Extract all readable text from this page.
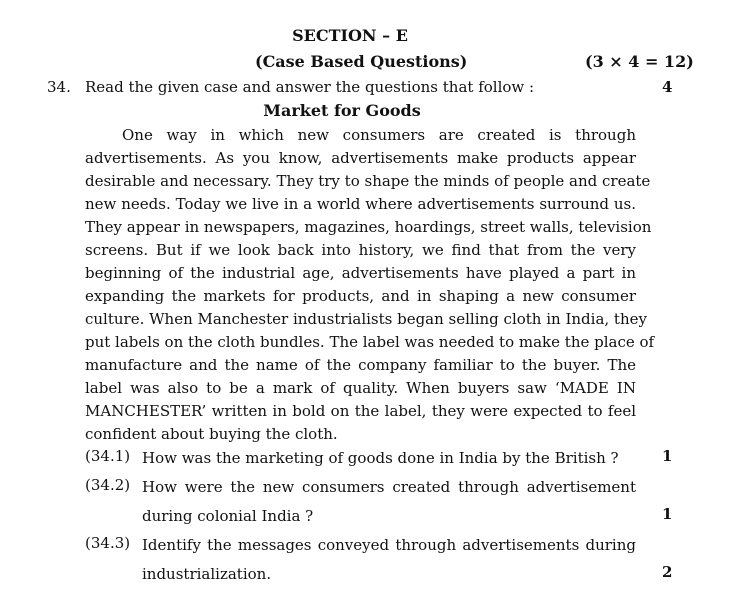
SECTION – E
(Case Based Questions)	(3 × 4 = 12)
34. Read the given case and answer the questions that follow :	4
Market for Goods
One way in which new consumers are created is through
advertisements. As you know, advertisements make products appear
desirable and necessary. They try to shape the minds of people and create
new needs. Today we live in a world where advertisements surround us.
They appear in newspapers, magazines, hoardings, street walls, television
screens. But if we look back into history, we find that from the very
beginning of the industrial age, advertisements have played a part in
expanding the markets for products, and in shaping a new consumer
culture. When Manchester industrialists began selling cloth in India, they
put labels on the cloth bundles. The label was needed to make the place of
manufacture and the name of the company familiar to the buyer. The
label was also to be a mark of quality. When buyers saw ‘MADE IN
MANCHESTER’ written in bold on the label, they were expected to feel
confident about buying the cloth.
(34.1) How was the marketing of goods done in India by the British ?	1
(34.2) How were the new consumers created through advertisement
during colonial India ?	1
(34.3) Identify the messages conveyed through advertisements during
industrialization.	2
